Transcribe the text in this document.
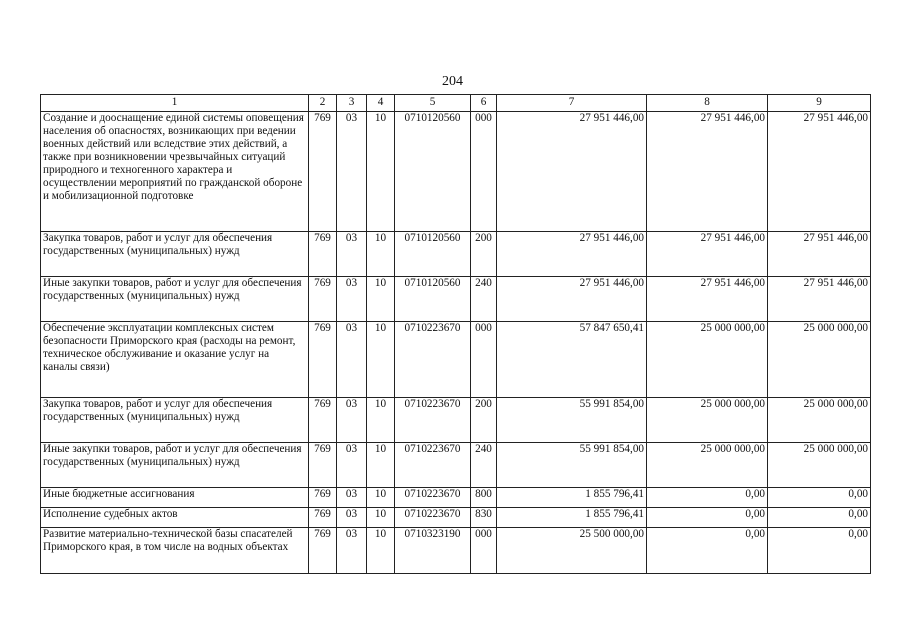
204
1	2	3	4	5	6	7	8	9
Создание и дооснащение единой системы оповещения населения об опасностях, возникающих при ведении военных действий или вследствие этих действий, а также при возникновении чрезвычайных ситуаций природного и техногенного характера и осуществлении мероприятий по гражданской обороне и мобилизационной подготовке	769	03	10	0710120560	000	27 951 446,00	27 951 446,00	27 951 446,00
Закупка товаров, работ и услуг для обеспечения государственных (муниципальных) нужд	769	03	10	0710120560	200	27 951 446,00	27 951 446,00	27 951 446,00
Иные закупки товаров, работ и услуг для обеспечения государственных (муниципальных) нужд	769	03	10	0710120560	240	27 951 446,00	27 951 446,00	27 951 446,00
Обеспечение эксплуатации комплексных систем безопасности Приморского края (расходы на ремонт, техническое обслуживание и оказание услуг на каналы связи)	769	03	10	0710223670	000	57 847 650,41	25 000 000,00	25 000 000,00
Закупка товаров, работ и услуг для обеспечения государственных (муниципальных) нужд	769	03	10	0710223670	200	55 991 854,00	25 000 000,00	25 000 000,00
Иные закупки товаров, работ и услуг для обеспечения государственных (муниципальных) нужд	769	03	10	0710223670	240	55 991 854,00	25 000 000,00	25 000 000,00
Иные бюджетные ассигнования	769	03	10	0710223670	800	1 855 796,41	0,00	0,00
Исполнение судебных актов	769	03	10	0710223670	830	1 855 796,41	0,00	0,00
Развитие материально-технической базы спасателей Приморского края, в том числе на водных объектах	769	03	10	0710323190	000	25 500 000,00	0,00	0,00
